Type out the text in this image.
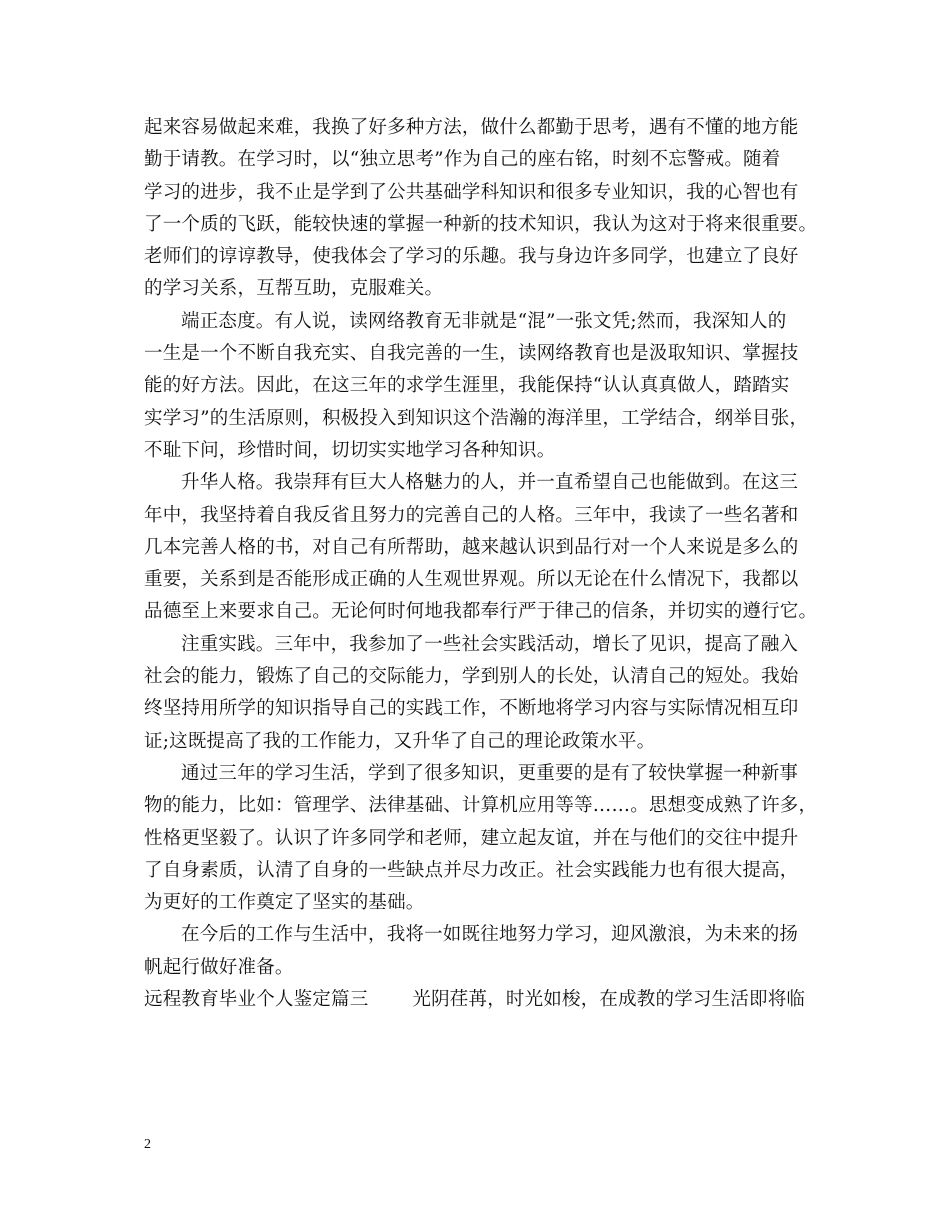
起来容易做起来难，我换了好多种方法，做什么都勤于思考，遇有不懂的地方能
勤于请教。在学习时，以“独立思考”作为自己的座右铭，时刻不忘警戒。随着
学习的进步，我不止是学到了公共基础学科知识和很多专业知识，我的心智也有
了一个质的飞跃，能较快速的掌握一种新的技术知识，我认为这对于将来很重要。
老师们的谆谆教导，使我体会了学习的乐趣。我与身边许多同学，也建立了良好
的学习关系，互帮互助，克服难关。
端正态度。有人说，读网络教育无非就是“混”一张文凭;然而，我深知人的
一生是一个不断自我充实、自我完善的一生，读网络教育也是汲取知识、掌握技
能的好方法。因此，在这三年的求学生涯里，我能保持“认认真真做人，踏踏实
实学习”的生活原则，积极投入到知识这个浩瀚的海洋里，工学结合，纲举目张，
不耻下问，珍惜时间，切切实实地学习各种知识。
升华人格。我崇拜有巨大人格魅力的人，并一直希望自己也能做到。在这三
年中，我坚持着自我反省且努力的完善自己的人格。三年中，我读了一些名著和
几本完善人格的书，对自己有所帮助，越来越认识到品行对一个人来说是多么的
重要，关系到是否能形成正确的人生观世界观。所以无论在什么情况下，我都以
品德至上来要求自己。无论何时何地我都奉行严于律己的信条，并切实的遵行它。
注重实践。三年中，我参加了一些社会实践活动，增长了见识，提高了融入
社会的能力，锻炼了自己的交际能力，学到别人的长处，认清自己的短处。我始
终坚持用所学的知识指导自己的实践工作，不断地将学习内容与实际情况相互印
证;这既提高了我的工作能力，又升华了自己的理论政策水平。
通过三年的学习生活，学到了很多知识，更重要的是有了较快掌握一种新事
物的能力，比如：管理学、法律基础、计算机应用等等……。思想变成熟了许多，
性格更坚毅了。认识了许多同学和老师，建立起友谊，并在与他们的交往中提升
了自身素质，认清了自身的一些缺点并尽力改正。社会实践能力也有很大提高，
为更好的工作奠定了坚实的基础。
在今后的工作与生活中，我将一如既往地努力学习，迎风激浪，为未来的扬
帆起行做好准备。
远程教育毕业个人鉴定篇三 光阴荏苒，时光如梭，在成教的学习生活即将临
2
